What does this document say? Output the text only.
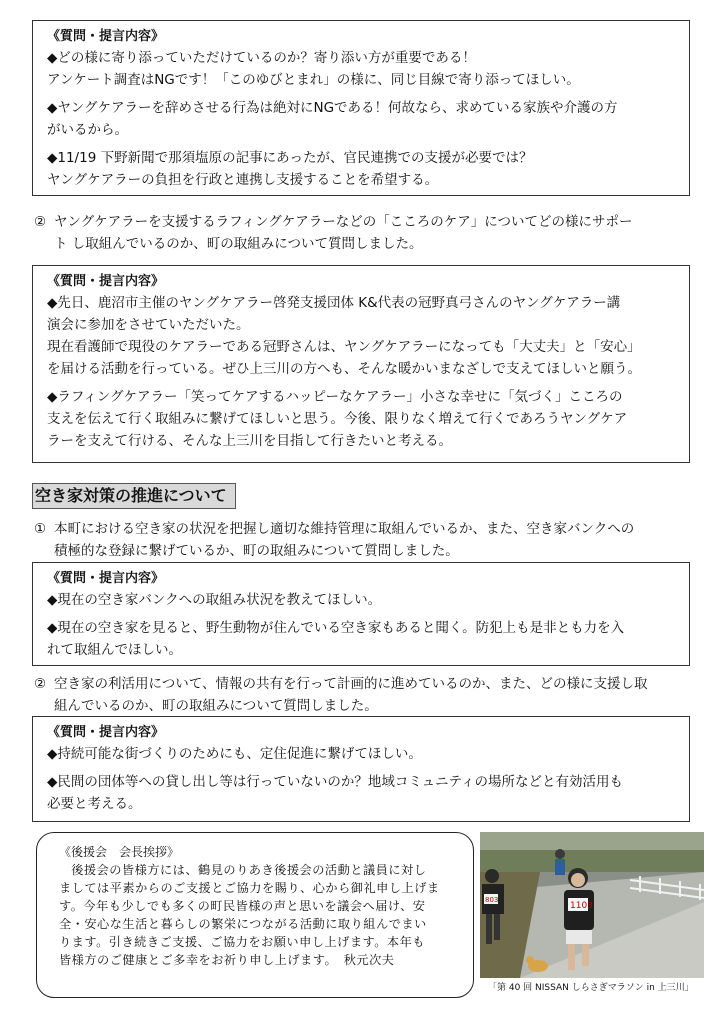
《質問・提言内容》

◆どの様に寄り添っていただけているのか？寄り添い方が重要である！

アンケート調査はNGです！「このゆびとまれ」の様に、同じ目線で寄り添ってほしい。

◆ヤングケアラーを辞めさせる行為は絶対にNGである！何故なら、求めている家族や介護の方

がいるから。

◆11/19 下野新聞で那須塩原の記事にあったが、官民連携での支援が必要では？

ヤングケアラーの負担を行政と連携し支援することを希望する。

② ヤングケアラーを支援するラフィングケアラーなどの「こころのケア」についてどの様にサポー
ト し取組んでいるのか、町の取組みについて質問しました。
《質問・提言内容》

◆先日、鹿沼市主催のヤングケアラー啓発支援団体 K&代表の冠野真弓さんのヤングケアラー講

演会に参加をさせていただいた。

現在看護師で現役のケアラーである冠野さんは、ヤングケアラーになっても「大丈夫」と「安心」

を届ける活動を行っている。ぜひ上三川の方へも、そんな暖かいまなざしで支えてほしいと願う。

◆ラフィングケアラー「笑ってケアするハッピーなケアラー」小さな幸せに「気づく」こころの

支えを伝えて行く取組みに繋げてほしいと思う。今後、限りなく増えて行くであろうヤングケア

ラーを支えて行ける、そんな上三川を目指して行きたいと考える。

空き家対策の推進について
① 本町における空き家の状況を把握し適切な維持管理に取組んでいるか、また、空き家バンクへの
積極的な登録に繋げているか、町の取組みについて質問しました。
《質問・提言内容》

◆現在の空き家バンクへの取組み状況を教えてほしい。

◆現在の空き家を見ると、野生動物が住んでいる空き家もあると聞く。防犯上も是非とも力を入

れて取組んでほしい。

② 空き家の利活用について、情報の共有を行って計画的に進めているのか、また、どの様に支援し取
組んでいるのか、町の取組みについて質問しました。
《質問・提言内容》

◆持続可能な街づくりのためにも、定住促進に繋げてほしい。

◆民間の団体等への貸し出し等は行っていないのか？地域コミュニティの場所などと有効活用も

必要と考える。

《後援会　会長挨拶》
後援会の皆様方には、鶴見のりあき後援会の活動と議員に対し
ましては平素からのご支援とご協力を賜り、心から御礼申し上げま
す。今年も少しでも多くの町民皆様の声と思いを議会へ届け、安
全・安心な生活と暮らしの繁栄につながる活動に取り組んでまい
ります。引き続きご支援、ご協力をお願い申し上げます。本年も
皆様方のご健康とご多幸をお祈り申し上げます。　秋元次夫
803
1103
「第 40 回 NISSAN しらさぎマラソン in 上三川」
